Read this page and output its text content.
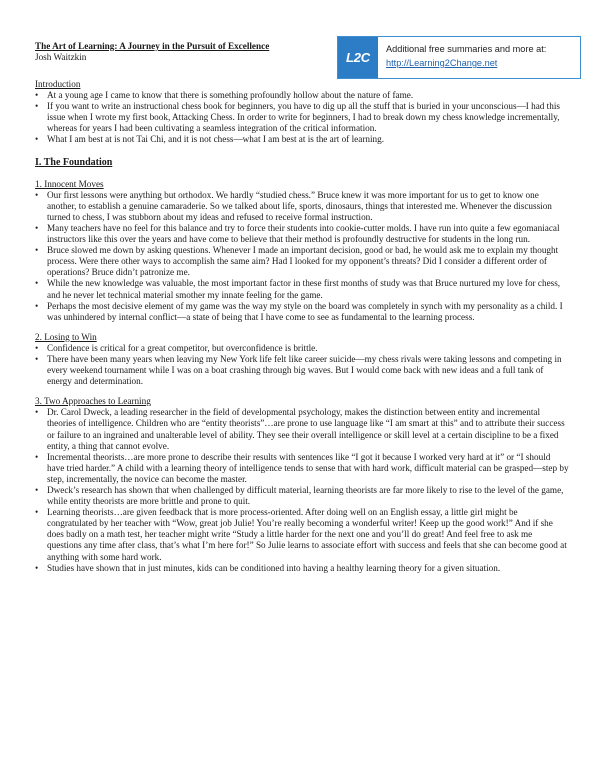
The Art of Learning: A Journey in the Pursuit of Excellence
Josh Waitzkin	L2C
Additional free summaries and more at:
http://Learning2Change.net
Introduction
• At a young age I came to know that there is something profoundly hollow about the nature of fame.
• If you want to write an instructional chess book for beginners, you have to dig up all the stuff that is buried in your unconscious—I had this issue when I wrote my first book, Attacking Chess. In order to write for beginners, I had to break down my chess knowledge incrementally, whereas for years I had been cultivating a seamless integration of the critical information.
• What I am best at is not Tai Chi, and it is not chess—what I am best at is the art of learning.
I. The Foundation
1. Innocent Moves
• Our first lessons were anything but orthodox. We hardly “studied chess.” Bruce knew it was more important for us to get to know one another, to establish a genuine camaraderie. So we talked about life, sports, dinosaurs, things that interested me. Whenever the discussion turned to chess, I was stubborn about my ideas and refused to receive formal instruction.
• Many teachers have no feel for this balance and try to force their students into cookie-cutter molds. I have run into quite a few egomaniacal instructors like this over the years and have come to believe that their method is profoundly destructive for students in the long run.
• Bruce slowed me down by asking questions. Whenever I made an important decision, good or bad, he would ask me to explain my thought process. Were there other ways to accomplish the same aim? Had I looked for my opponent’s threats? Did I consider a different order of operations? Bruce didn’t patronize me.
• While the new knowledge was valuable, the most important factor in these first months of study was that Bruce nurtured my love for chess, and he never let technical material smother my innate feeling for the game.
• Perhaps the most decisive element of my game was the way my style on the board was completely in synch with my personality as a child. I was unhindered by internal conflict—a state of being that I have come to see as fundamental to the learning process.
2. Losing to Win
• Confidence is critical for a great competitor, but overconfidence is brittle.
• There have been many years when leaving my New York life felt like career suicide—my chess rivals were taking lessons and competing in every weekend tournament while I was on a boat crashing through big waves. But I would come back with new ideas and a full tank of energy and determination.
3. Two Approaches to Learning
• Dr. Carol Dweck, a leading researcher in the field of developmental psychology, makes the distinction between entity and incremental theories of intelligence. Children who are “entity theorists”…are prone to use language like “I am smart at this” and to attribute their success or failure to an ingrained and unalterable level of ability. They see their overall intelligence or skill level at a certain discipline to be a fixed entity, a thing that cannot evolve.
• Incremental theorists…are more prone to describe their results with sentences like “I got it because I worked very hard at it” or “I should have tried harder.” A child with a learning theory of intelligence tends to sense that with hard work, difficult material can be grasped—step by step, incrementally, the novice can become the master.
• Dweck’s research has shown that when challenged by difficult material, learning theorists are far more likely to rise to the level of the game, while entity theorists are more brittle and prone to quit.
• Learning theorists…are given feedback that is more process-oriented. After doing well on an English essay, a little girl might be congratulated by her teacher with “Wow, great job Julie! You’re really becoming a wonderful writer! Keep up the good work!” And if she does badly on a math test, her teacher might write “Study a little harder for the next one and you’ll do great! And feel free to ask me questions any time after class, that’s what I’m here for!” So Julie learns to associate effort with success and feels that she can become good at anything with some hard work.
• Studies have shown that in just minutes, kids can be conditioned into having a healthy learning theory for a given situation.
